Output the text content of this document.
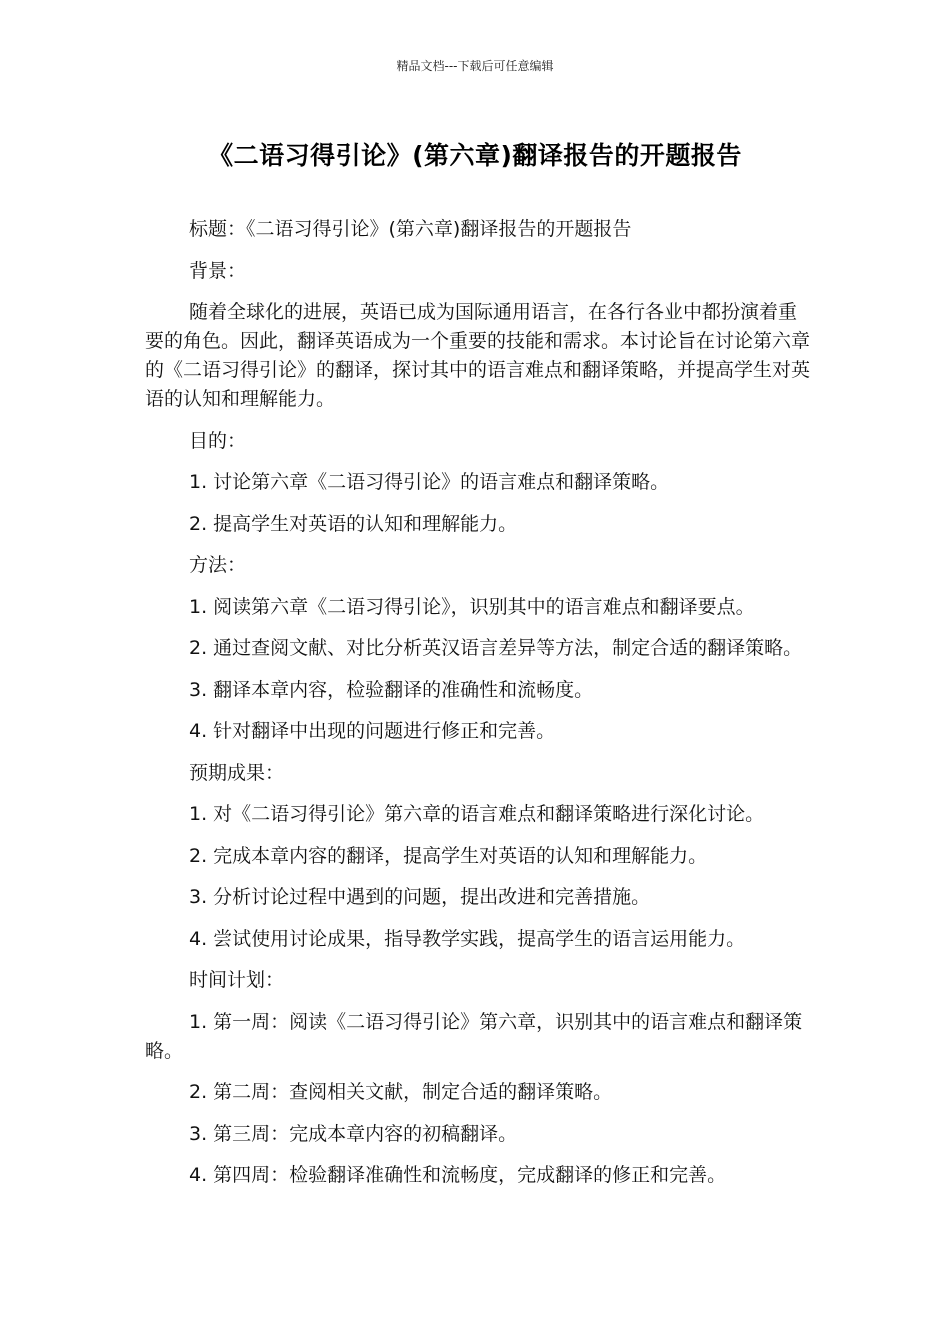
精品文档---下载后可任意编辑
《二语习得引论》(第六章)翻译报告的开题报告

标题：《二语习得引论》(第六章)翻译报告的开题报告

背景：

随着全球化的进展，英语已成为国际通用语言，在各行各业中都扮演着重要的角色。因此，翻译英语成为一个重要的技能和需求。本讨论旨在讨论第六章的《二语习得引论》的翻译，探讨其中的语言难点和翻译策略，并提高学生对英语的认知和理解能力。

目的：

1. 讨论第六章《二语习得引论》的语言难点和翻译策略。

2. 提高学生对英语的认知和理解能力。

方法：

1. 阅读第六章《二语习得引论》，识别其中的语言难点和翻译要点。

2. 通过查阅文献、对比分析英汉语言差异等方法，制定合适的翻译策略。

3. 翻译本章内容，检验翻译的准确性和流畅度。

4. 针对翻译中出现的问题进行修正和完善。

预期成果：

1. 对《二语习得引论》第六章的语言难点和翻译策略进行深化讨论。

2. 完成本章内容的翻译，提高学生对英语的认知和理解能力。

3. 分析讨论过程中遇到的问题，提出改进和完善措施。

4. 尝试使用讨论成果，指导教学实践，提高学生的语言运用能力。

时间计划：

1. 第一周：阅读《二语习得引论》第六章，识别其中的语言难点和翻译策略。

2. 第二周：查阅相关文献，制定合适的翻译策略。

3. 第三周：完成本章内容的初稿翻译。

4. 第四周：检验翻译准确性和流畅度，完成翻译的修正和完善。
